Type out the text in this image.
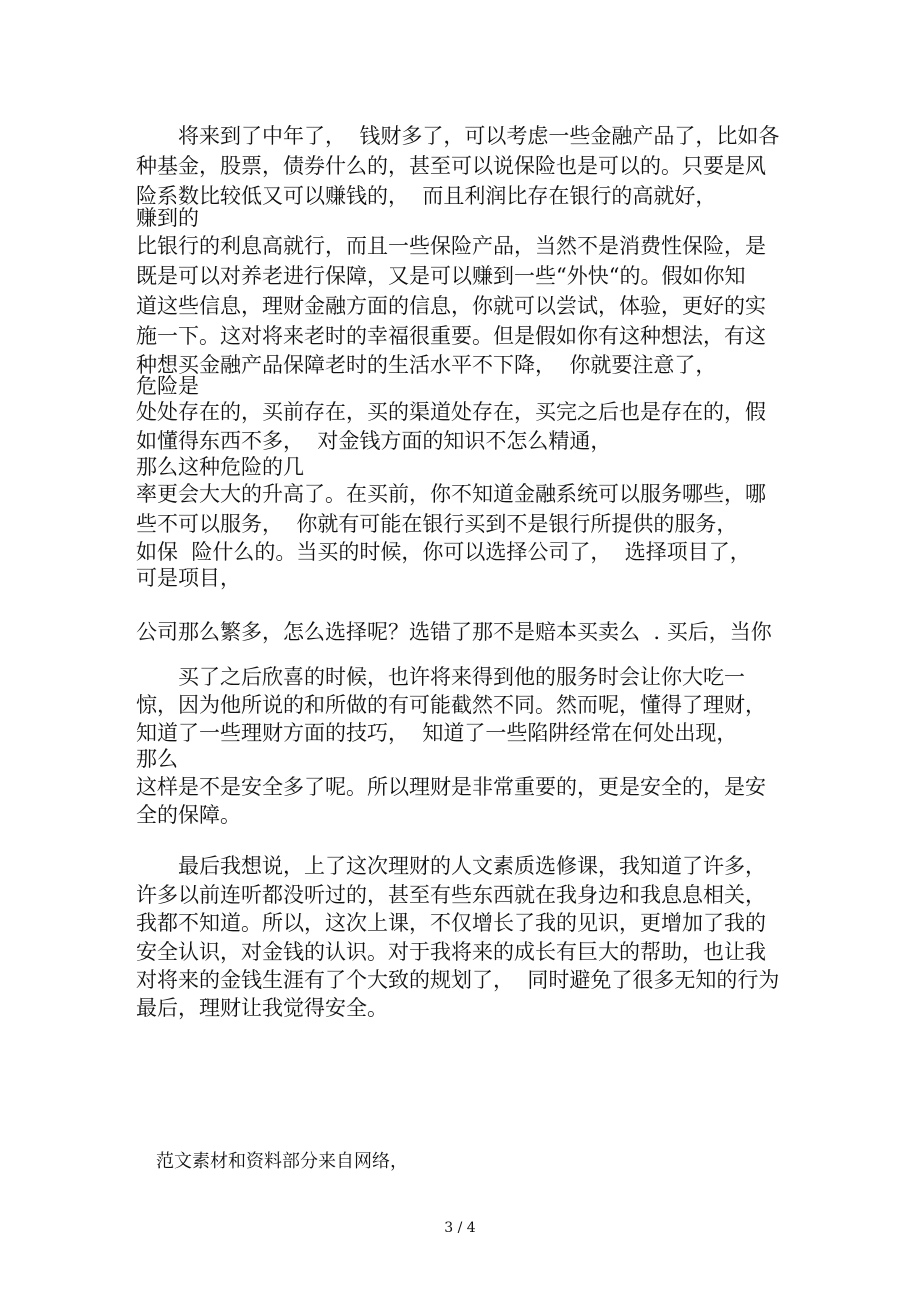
　　将来到了中年了，  钱财多了，可以考虑一些金融产品了，比如各

种基金，股票，债券什么的，甚至可以说保险也是可以的。只要是风

险系数比较低又可以赚钱的，  而且利润比存在银行的高就好，

赚到的

比银行的利息高就行，而且一些保险产品，当然不是消费性保险，是

既是可以对养老进行保障，又是可以赚到一些“外快“的。假如你知

道这些信息，理财金融方面的信息，你就可以尝试，体验，更好的实

施一下。这对将来老时的幸福很重要。但是假如你有这种想法，有这

种想买金融产品保障老时的生活水平不下降，  你就要注意了，

危险是

处处存在的，买前存在，买的渠道处存在，买完之后也是存在的，假

如懂得东西不多，  对金钱方面的知识不怎么精通，

那么这种危险的几

率更会大大的升高了。在买前，你不知道金融系统可以服务哪些，哪

些不可以服务，  你就有可能在银行买到不是银行所提供的服务，

如保  险什么的。当买的时候，你可以选择公司了，  选择项目了，

可是项目，

公司那么繁多，怎么选择呢？选错了那不是赔本买卖么  . 买后，当你

　　买了之后欣喜的时候，也许将来得到他的服务时会让你大吃一

惊，因为他所说的和所做的有可能截然不同。然而呢，懂得了理财，

知道了一些理财方面的技巧，  知道了一些陷阱经常在何处出现，

那么

这样是不是安全多了呢。所以理财是非常重要的，更是安全的，是安

全的保障。

　　最后我想说，上了这次理财的人文素质选修课，我知道了许多，

许多以前连听都没听过的，甚至有些东西就在我身边和我息息相关，

我都不知道。所以，这次上课，不仅增长了我的见识，更增加了我的

安全认识，对金钱的认识。对于我将来的成长有巨大的帮助，也让我

对将来的金钱生涯有了个大致的规划了，  同时避免了很多无知的行为

最后，理财让我觉得安全。

范文素材和资料部分来自网络，
3 / 4
